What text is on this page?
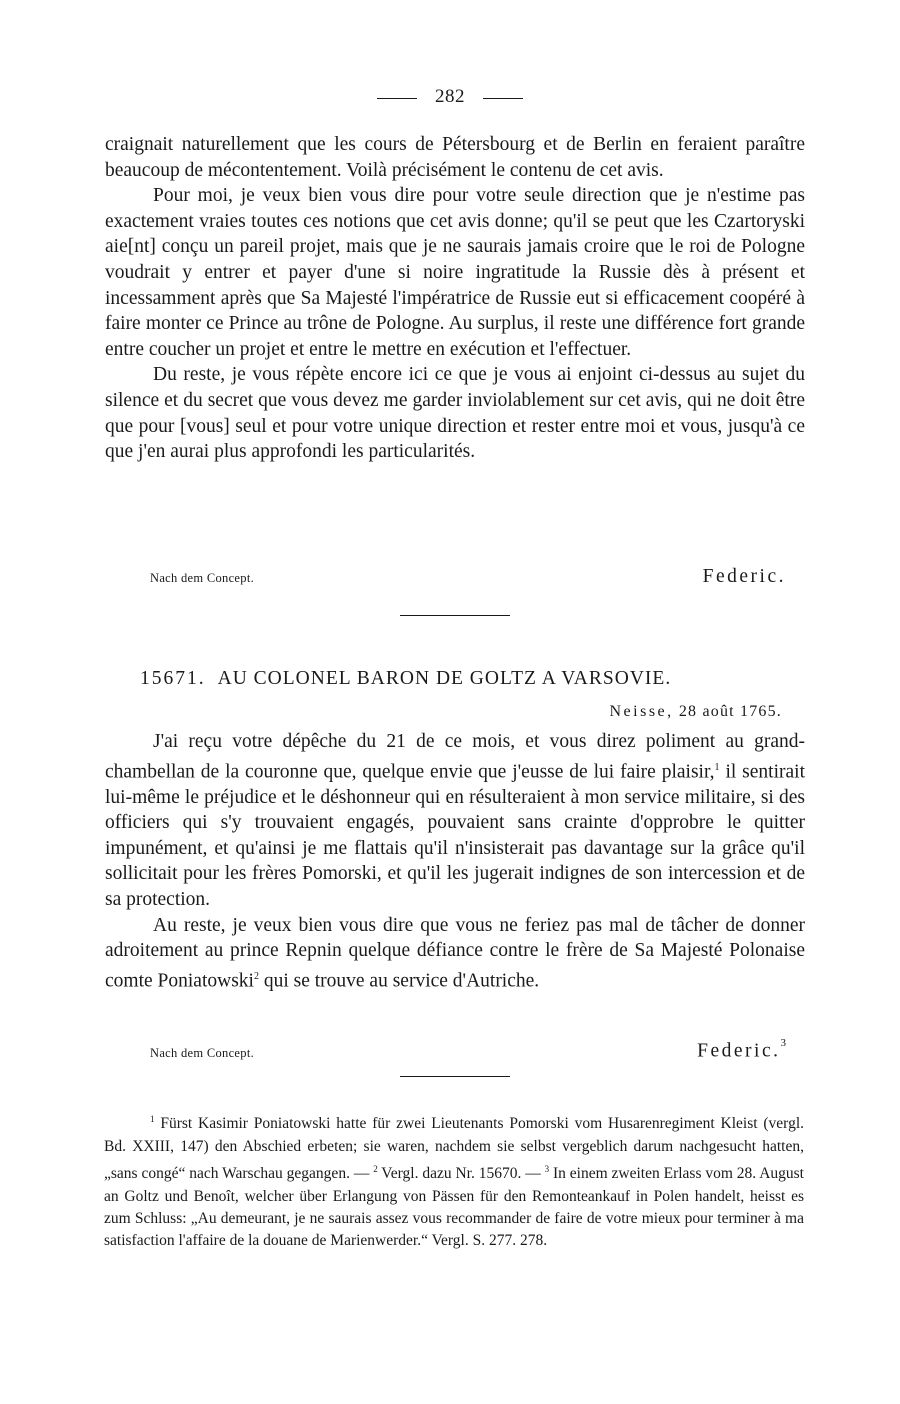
282

craignait naturellement que les cours de Pétersbourg et de Berlin en feraient paraître beaucoup de mécontentement. Voilà précisément le contenu de cet avis.

Pour moi, je veux bien vous dire pour votre seule direction que je n'estime pas exactement vraies toutes ces notions que cet avis donne; qu'il se peut que les Czartoryski aie[nt] conçu un pareil projet, mais que je ne saurais jamais croire que le roi de Pologne voudrait y entrer et payer d'une si noire ingratitude la Russie dès à présent et incessamment après que Sa Majesté l'impératrice de Russie eut si efficacement coopéré à faire monter ce Prince au trône de Pologne. Au surplus, il reste une différence fort grande entre coucher un projet et entre le mettre en exécution et l'effectuer.

Du reste, je vous répète encore ici ce que je vous ai enjoint ci-dessus au sujet du silence et du secret que vous devez me garder inviolablement sur cet avis, qui ne doit être que pour [vous] seul et pour votre unique direction et rester entre moi et vous, jusqu'à ce que j'en aurai plus approfondi les particularités.

Nach dem Concept.	Federic.
15671. AU COLONEL BARON DE GOLTZ A VARSOVIE.
Neisse, 28 août 1765.

J'ai reçu votre dépêche du 21 de ce mois, et vous direz poliment au grand-chambellan de la couronne que, quelque envie que j'eusse de lui faire plaisir,$^1$ il sentirait lui-même le préjudice et le déshonneur qui en résulteraient à mon service militaire, si des officiers qui s'y trouvaient engagés, pouvaient sans crainte d'opprobre le quitter impunément, et qu'ainsi je me flattais qu'il n'insisterait pas davantage sur la grâce qu'il sollicitait pour les frères Pomorski, et qu'il les jugerait indignes de son intercession et de sa protection.

Au reste, je veux bien vous dire que vous ne feriez pas mal de tâcher de donner adroitement au prince Repnin quelque défiance contre le frère de Sa Majesté Polonaise comte Poniatowski$^2$ qui se trouve au service d'Autriche.

Nach dem Concept.	Federic.$^3$

$^1$ Fürst Kasimir Poniatowski hatte für zwei Lieutenants Pomorski vom Husarenregiment Kleist (vergl. Bd. XXIII, 147) den Abschied erbeten; sie waren, nachdem sie selbst vergeblich darum nachgesucht hatten, „sans congé“ nach Warschau gegangen. — $^2$ Vergl. dazu Nr. 15670. — $^3$ In einem zweiten Erlass vom 28. August an Goltz und Benoît, welcher über Erlangung von Pässen für den Remonteankauf in Polen handelt, heisst es zum Schluss: „Au demeurant, je ne saurais assez vous recommander de faire de votre mieux pour terminer à ma satisfaction l'affaire de la douane de Marienwerder.“ Vergl. S. 277. 278.
